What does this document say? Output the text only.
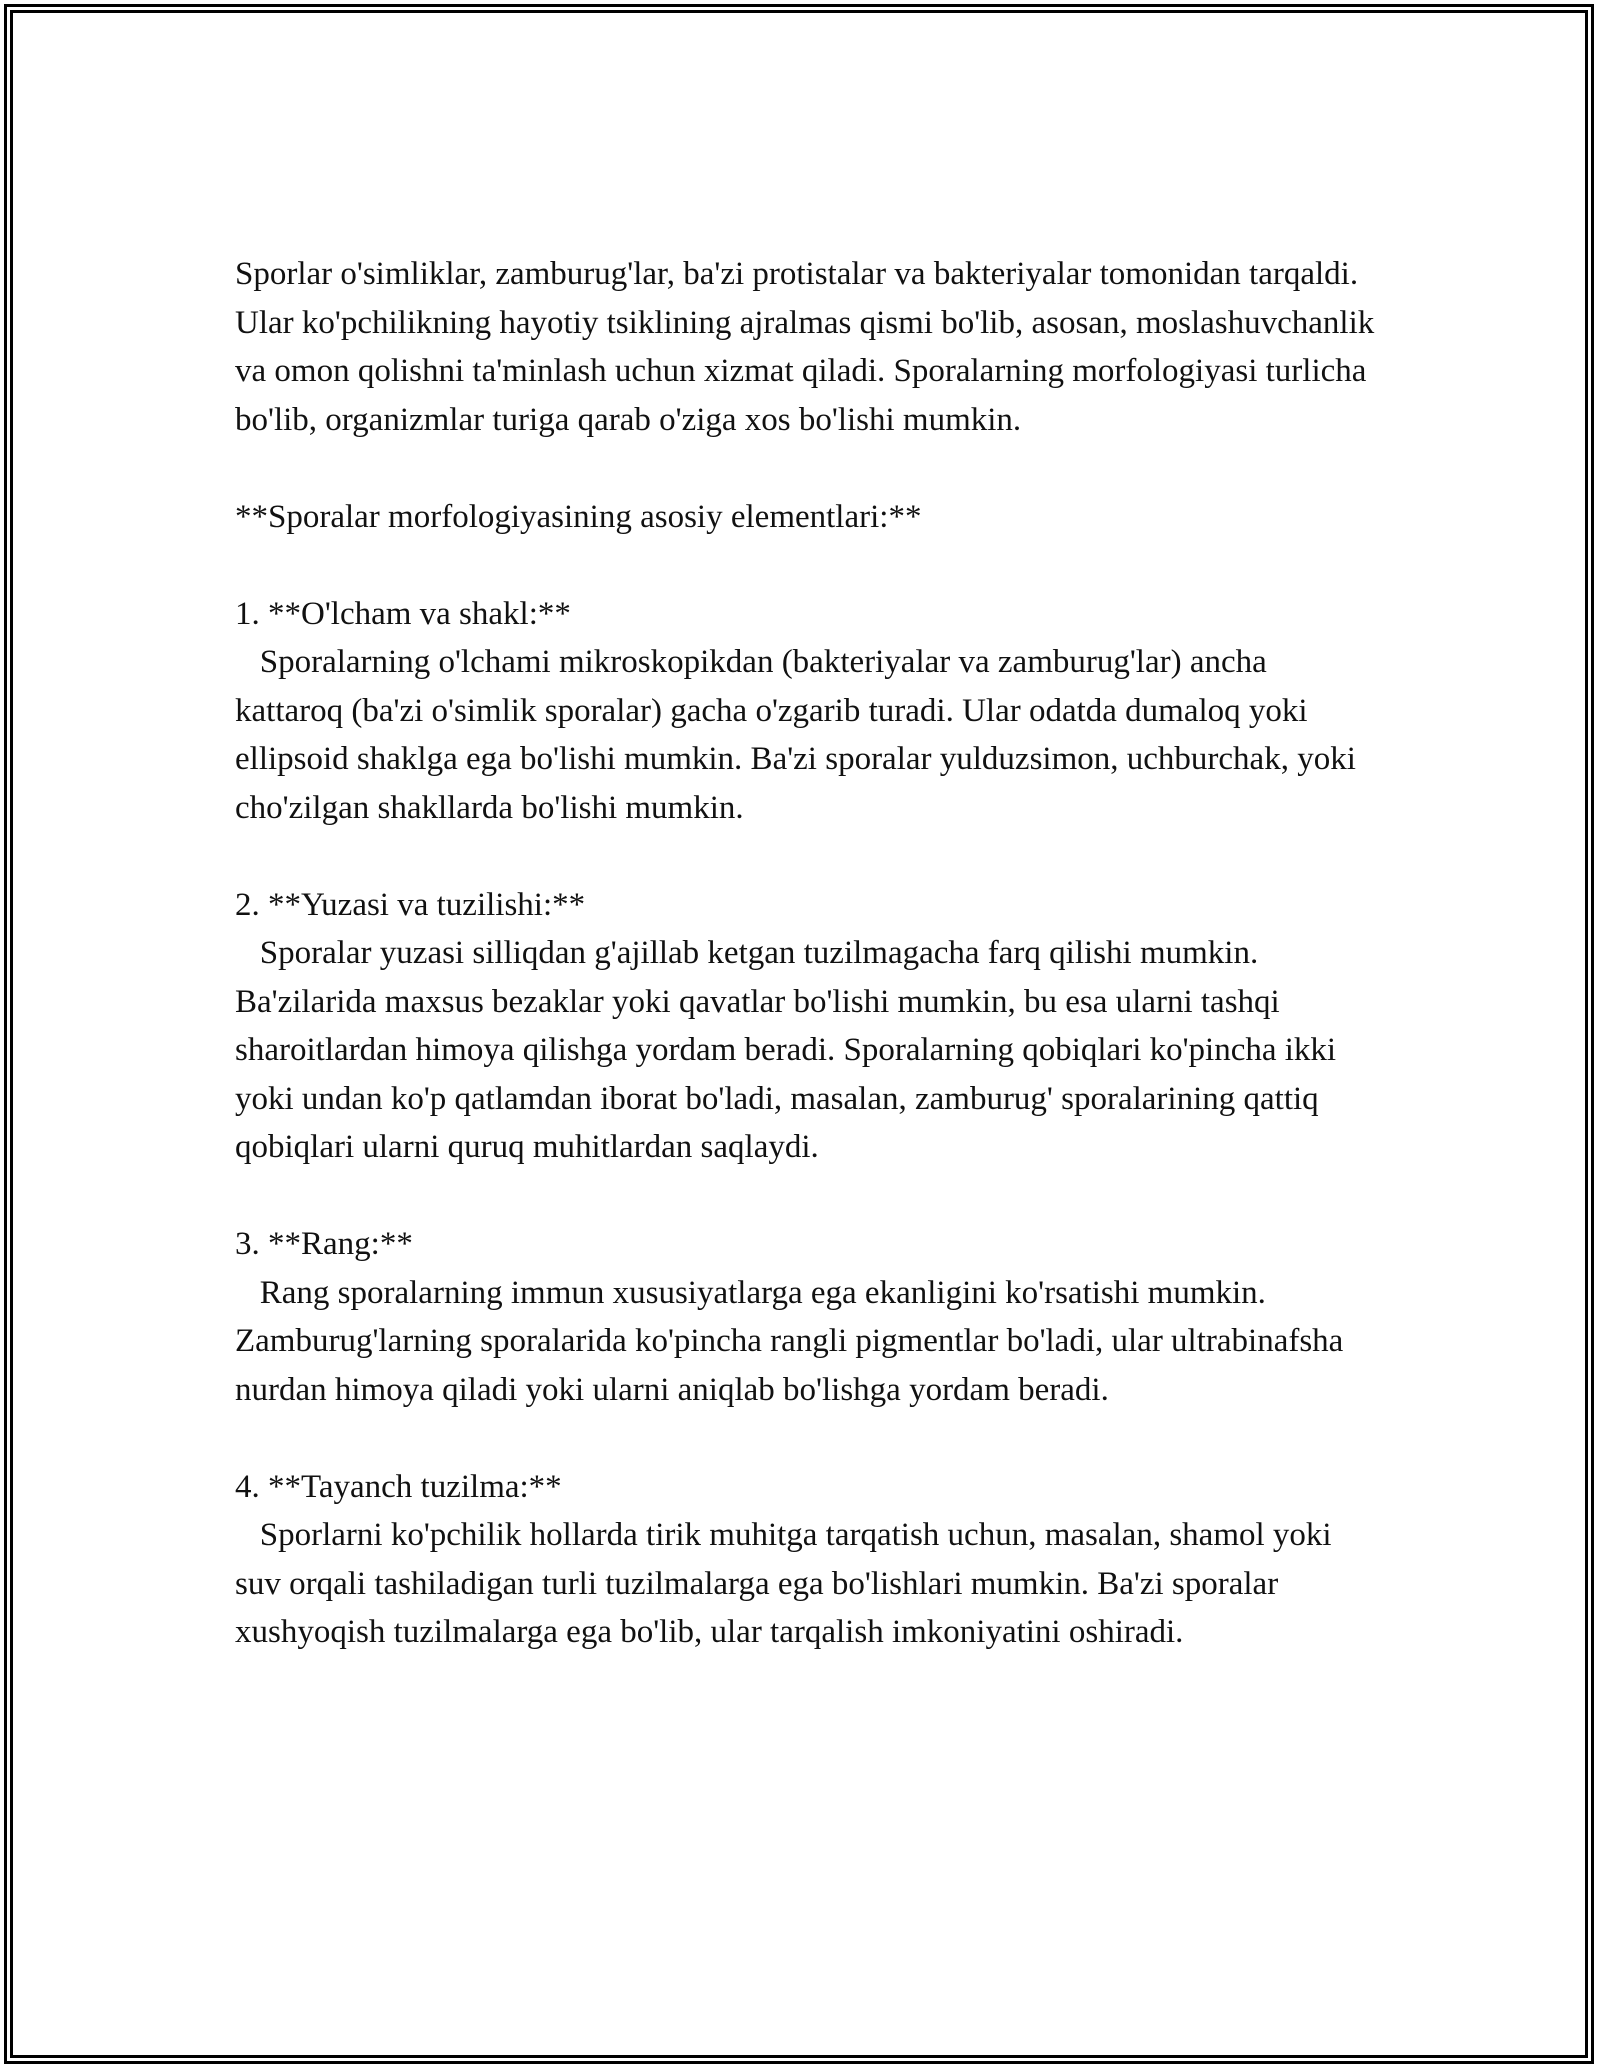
Sporlar o'simliklar, zamburug'lar, ba'zi protistalar va bakteriyalar tomonidan tarqaldi. Ular ko'pchilikning hayotiy tsiklining ajralmas qismi bo'lib, asosan, moslashuvchanlik va omon qolishni ta'minlash uchun xizmat qiladi. Sporalarning morfologiyasi turlicha bo'lib, organizmlar turiga qarab o'ziga xos bo'lishi mumkin.

**Sporalar morfologiyasining asosiy elementlari:**

1. **O'lcham va shakl:**

Sporalarning o'lchami mikroskopikdan (bakteriyalar va zamburug'lar) ancha kattaroq (ba'zi o'simlik sporalar) gacha o'zgarib turadi. Ular odatda dumaloq yoki ellipsoid shaklga ega bo'lishi mumkin. Ba'zi sporalar yulduzsimon, uchburchak, yoki cho'zilgan shakllarda bo'lishi mumkin.

2. **Yuzasi va tuzilishi:**

Sporalar yuzasi silliqdan g'ajillab ketgan tuzilmagacha farq qilishi mumkin. Ba'zilarida maxsus bezaklar yoki qavatlar bo'lishi mumkin, bu esa ularni tashqi sharoitlardan himoya qilishga yordam beradi. Sporalarning qobiqlari ko'pincha ikki yoki undan ko'p qatlamdan iborat bo'ladi, masalan, zamburug' sporalarining qattiq qobiqlari ularni quruq muhitlardan saqlaydi.

3. **Rang:**

Rang sporalarning immun xususiyatlarga ega ekanligini ko'rsatishi mumkin. Zamburug'larning sporalarida ko'pincha rangli pigmentlar bo'ladi, ular ultrabinafsha nurdan himoya qiladi yoki ularni aniqlab bo'lishga yordam beradi.

4. **Tayanch tuzilma:**

Sporlarni ko'pchilik hollarda tirik muhitga tarqatish uchun, masalan, shamol yoki suv orqali tashiladigan turli tuzilmalarga ega bo'lishlari mumkin. Ba'zi sporalar xushyoqish tuzilmalarga ega bo'lib, ular tarqalish imkoniyatini oshiradi.
